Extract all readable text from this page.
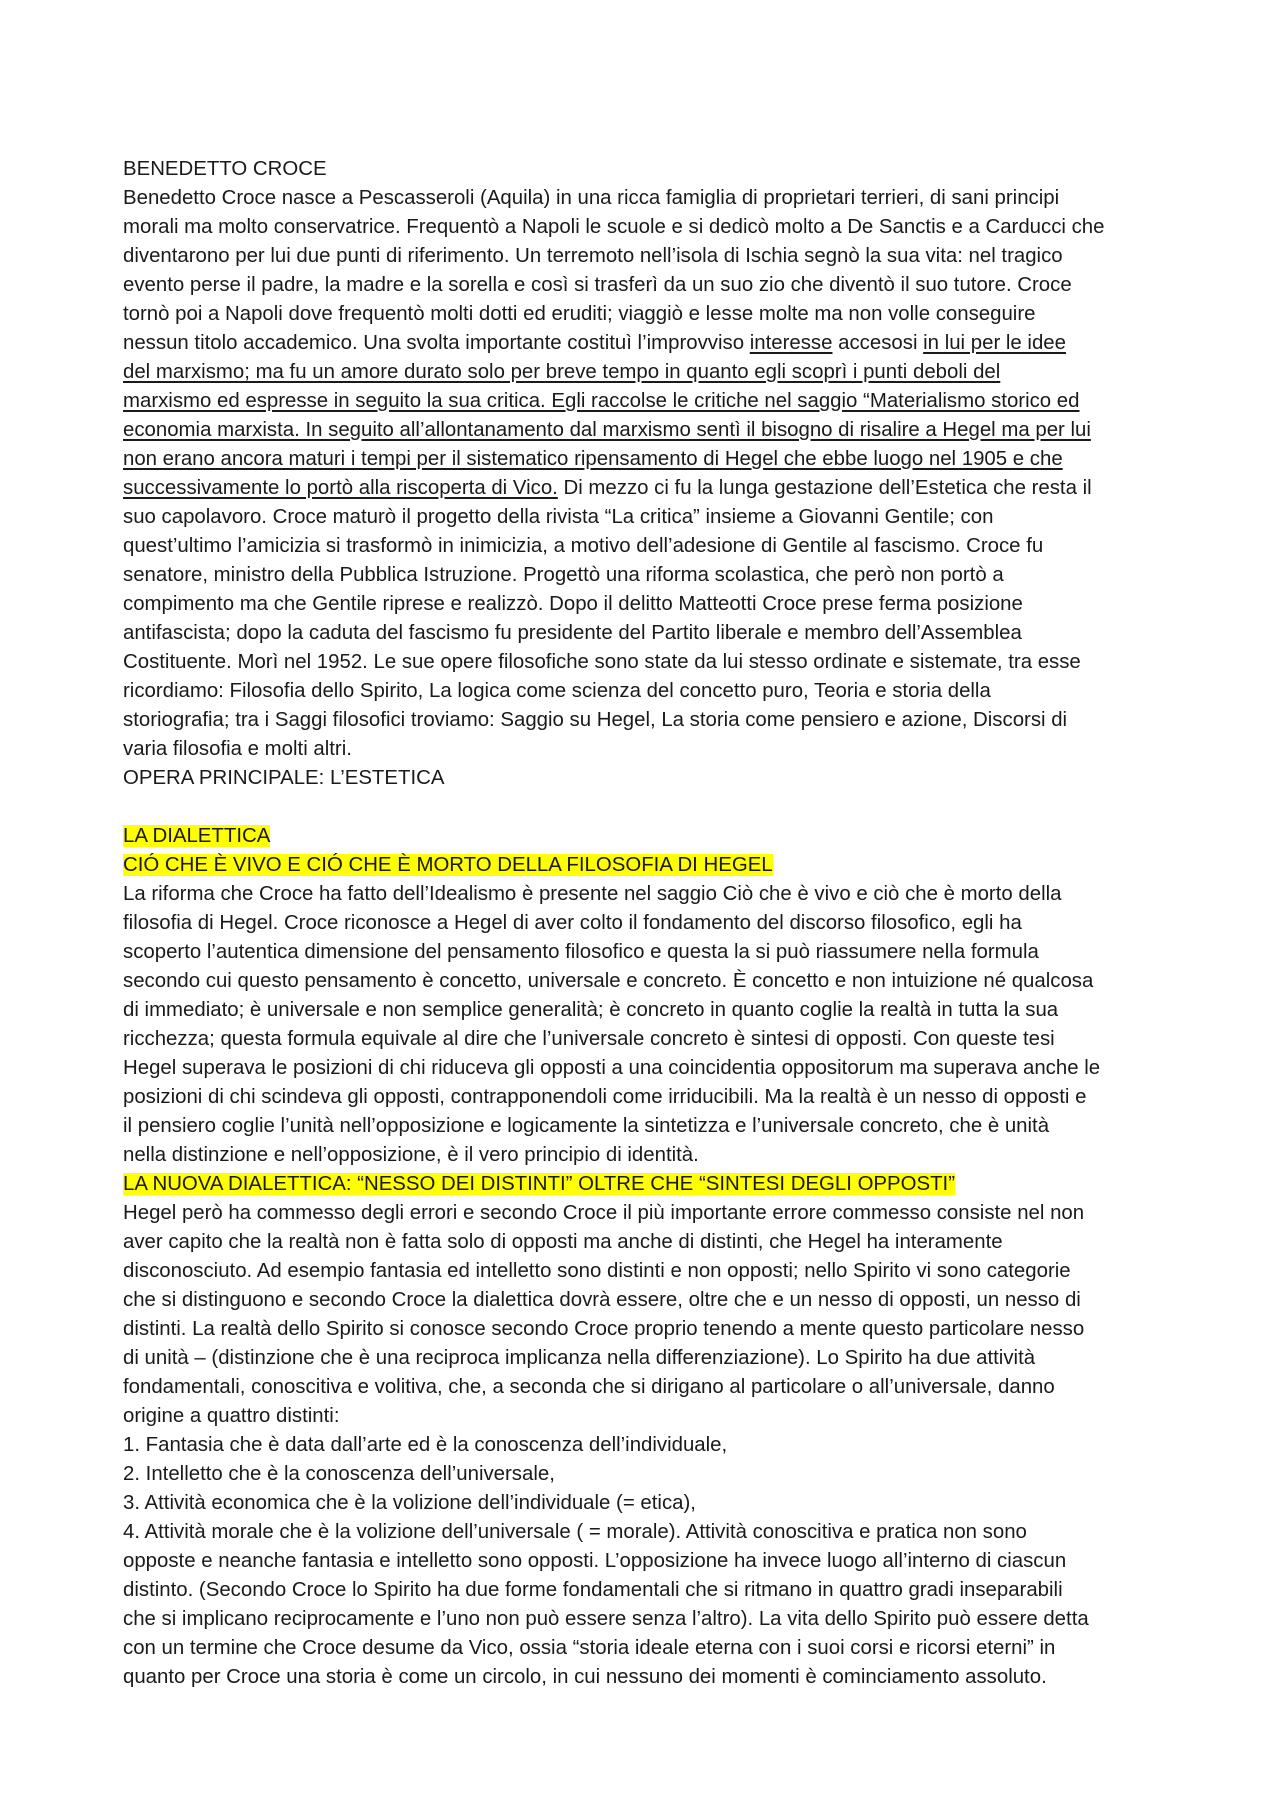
BENEDETTO CROCE
Benedetto Croce nasce a Pescasseroli (Aquila) in una ricca famiglia di proprietari terrieri, di sani principi
morali ma molto conservatrice. Frequentò a Napoli le scuole e si dedicò molto a De Sanctis e a Carducci che
diventarono per lui due punti di riferimento. Un terremoto nell’isola di Ischia segnò la sua vita: nel tragico
evento perse il padre, la madre e la sorella e così si trasferì da un suo zio che diventò il suo tutore. Croce
tornò poi a Napoli dove frequentò molti dotti ed eruditi; viaggiò e lesse molte ma non volle conseguire
nessun titolo accademico. Una svolta importante costituì l’improvviso interesse accesosi in lui per le idee
del marxismo; ma fu un amore durato solo per breve tempo in quanto egli scoprì i punti deboli del
marxismo ed espresse in seguito la sua critica. Egli raccolse le critiche nel saggio “Materialismo storico ed
economia marxista. In seguito all’allontanamento dal marxismo sentì il bisogno di risalire a Hegel ma per lui
non erano ancora maturi i tempi per il sistematico ripensamento di Hegel che ebbe luogo nel 1905 e che
successivamente lo portò alla riscoperta di Vico. Di mezzo ci fu la lunga gestazione dell’Estetica che resta il
suo capolavoro. Croce maturò il progetto della rivista “La critica” insieme a Giovanni Gentile; con
quest’ultimo l’amicizia si trasformò in inimicizia, a motivo dell’adesione di Gentile al fascismo. Croce fu
senatore, ministro della Pubblica Istruzione. Progettò una riforma scolastica, che però non portò a
compimento ma che Gentile riprese e realizzò. Dopo il delitto Matteotti Croce prese ferma posizione
antifascista; dopo la caduta del fascismo fu presidente del Partito liberale e membro dell’Assemblea
Costituente. Morì nel 1952. Le sue opere filosofiche sono state da lui stesso ordinate e sistemate, tra esse
ricordiamo: Filosofia dello Spirito, La logica come scienza del concetto puro, Teoria e storia della
storiografia; tra i Saggi filosofici troviamo: Saggio su Hegel, La storia come pensiero e azione, Discorsi di
varia filosofia e molti altri.
OPERA PRINCIPALE: L’ESTETICA
LA DIALETTICA
CIÓ CHE È VIVO E CIÓ CHE È MORTO DELLA FILOSOFIA DI HEGEL
La riforma che Croce ha fatto dell’Idealismo è presente nel saggio Ciò che è vivo e ciò che è morto della
filosofia di Hegel. Croce riconosce a Hegel di aver colto il fondamento del discorso filosofico, egli ha
scoperto l’autentica dimensione del pensamento filosofico e questa la si può riassumere nella formula
secondo cui questo pensamento è concetto, universale e concreto. È concetto e non intuizione né qualcosa
di immediato; è universale e non semplice generalità; è concreto in quanto coglie la realtà in tutta la sua
ricchezza; questa formula equivale al dire che l’universale concreto è sintesi di opposti. Con queste tesi
Hegel superava le posizioni di chi riduceva gli opposti a una coincidentia oppositorum ma superava anche le
posizioni di chi scindeva gli opposti, contrapponendoli come irriducibili. Ma la realtà è un nesso di opposti e
il pensiero coglie l’unità nell’opposizione e logicamente la sintetizza e l’universale concreto, che è unità
nella distinzione e nell’opposizione, è il vero principio di identità.
LA NUOVA DIALETTICA: “NESSO DEI DISTINTI” OLTRE CHE “SINTESI DEGLI OPPOSTI”
Hegel però ha commesso degli errori e secondo Croce il più importante errore commesso consiste nel non
aver capito che la realtà non è fatta solo di opposti ma anche di distinti, che Hegel ha interamente
disconosciuto. Ad esempio fantasia ed intelletto sono distinti e non opposti; nello Spirito vi sono categorie
che si distinguono e secondo Croce la dialettica dovrà essere, oltre che e un nesso di opposti, un nesso di
distinti. La realtà dello Spirito si conosce secondo Croce proprio tenendo a mente questo particolare nesso
di unità – (distinzione che è una reciproca implicanza nella differenziazione). Lo Spirito ha due attività
fondamentali, conoscitiva e volitiva, che, a seconda che si dirigano al particolare o all’universale, danno
origine a quattro distinti:
1. Fantasia che è data dall’arte ed è la conoscenza dell’individuale,
2. Intelletto che è la conoscenza dell’universale,
3. Attività economica che è la volizione dell’individuale (= etica),
4. Attività morale che è la volizione dell’universale ( = morale). Attività conoscitiva e pratica non sono
opposte e neanche fantasia e intelletto sono opposti. L’opposizione ha invece luogo all’interno di ciascun
distinto. (Secondo Croce lo Spirito ha due forme fondamentali che si ritmano in quattro gradi inseparabili
che si implicano reciprocamente e l’uno non può essere senza l’altro). La vita dello Spirito può essere detta
con un termine che Croce desume da Vico, ossia “storia ideale eterna con i suoi corsi e ricorsi eterni” in
quanto per Croce una storia è come un circolo, in cui nessuno dei momenti è cominciamento assoluto.
